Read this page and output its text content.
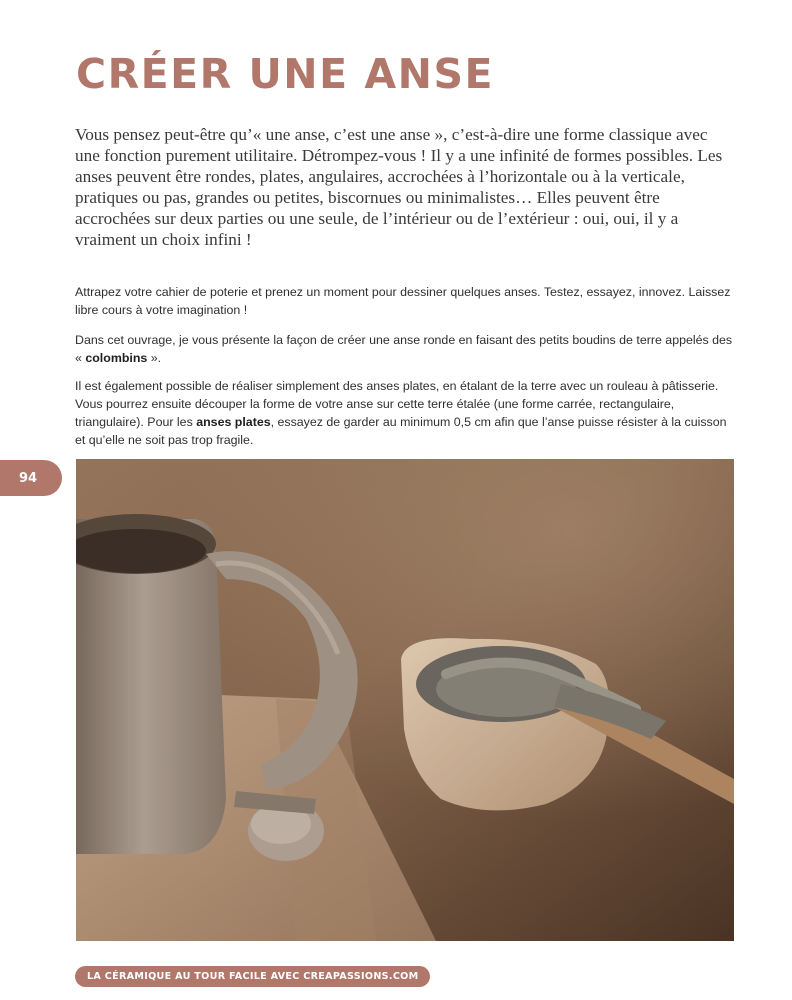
CRÉER UNE ANSE

Vous pensez peut-être qu’« une anse, c’est une anse », c’est-à-dire une forme classique avec une fonction purement utilitaire. Détrompez-vous ! Il y a une infinité de formes possibles. Les anses peuvent être rondes, plates, angulaires, accrochées à l’horizontale ou à la verticale, pratiques ou pas, grandes ou petites, biscornues ou minimalistes… Elles peuvent être accrochées sur deux parties ou une seule, de l’intérieur ou de l’extérieur : oui, oui, il y a vraiment un choix infini !

Attrapez votre cahier de poterie et prenez un moment pour dessiner quelques anses. Testez, essayez, innovez. Laissez libre cours à votre imagination !

Dans cet ouvrage, je vous présente la façon de créer une anse ronde en faisant des petits boudins de terre appelés des « colombins ».

Il est également possible de réaliser simplement des anses plates, en étalant de la terre avec un rouleau à pâtisserie. Vous pourrez ensuite découper la forme de votre anse sur cette terre étalée (une forme carrée, rectangulaire, triangulaire). Pour les anses plates, essayez de garder au minimum 0,5 cm afin que l’anse puisse résister à la cuisson et qu’elle ne soit pas trop fragile.

94
LA CÉRAMIQUE AU TOUR FACILE AVEC CREAPASSIONS.COM
